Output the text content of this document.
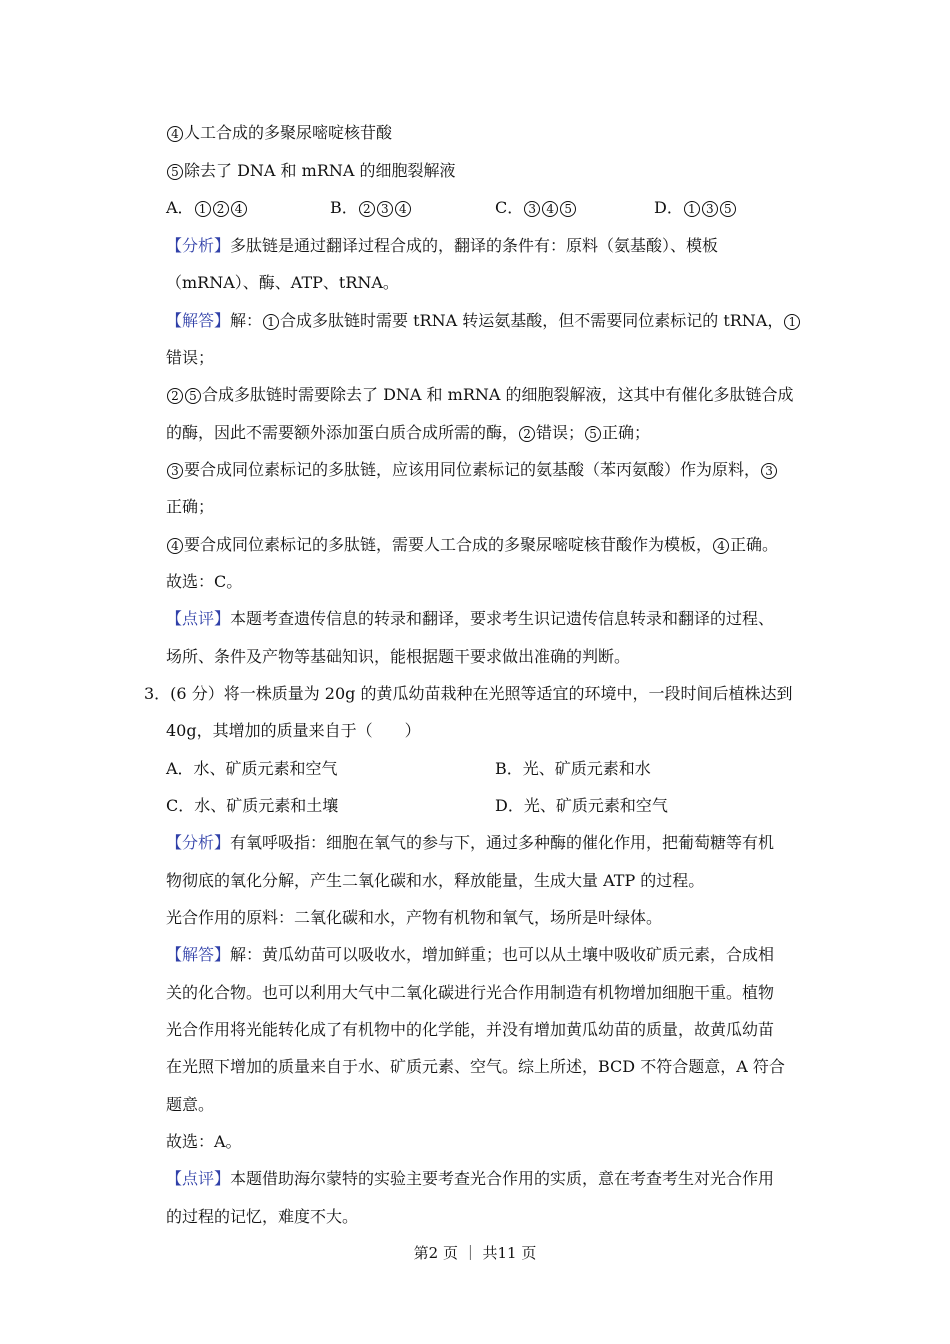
4 人工合成的多聚尿嘧啶核苷酸
5 除去了 DNA 和 mRNA 的细胞裂解液
A． 1 2 4	B． 2 3 4	C． 3 4 5	D． 1 3 5
【分析】多肽链是通过翻译过程合成的，翻译的条件有：原料（氨基酸）、模板
（mRNA）、酶、ATP、tRNA。
【解答】解： 1 合成多肽链时需要 tRNA 转运氨基酸，但不需要同位素标记的 tRNA， 1
错误；
2 5 合成多肽链时需要除去了 DNA 和 mRNA 的细胞裂解液，这其中有催化多肽链合成
的酶，因此不需要额外添加蛋白质合成所需的酶， 2 错误； 5 正确；
3 要合成同位素标记的多肽链，应该用同位素标记的氨基酸（苯丙氨酸）作为原料， 3
正确；
4 要合成同位素标记的多肽链，需要人工合成的多聚尿嘧啶核苷酸作为模板， 4 正确。
故选：C。
【点评】本题考查遗传信息的转录和翻译，要求考生识记遗传信息转录和翻译的过程、
场所、条件及产物等基础知识，能根据题干要求做出准确的判断。
3．(6 分）将一株质量为 20g 的黄瓜幼苗栽种在光照等适宜的环境中，一段时间后植株达到
40g，其增加的质量来自于（　　）
A．水、矿质元素和空气	B．光、矿质元素和水
C．水、矿质元素和土壤	D．光、矿质元素和空气
【分析】有氧呼吸指：细胞在氧气的参与下，通过多种酶的催化作用，把葡萄糖等有机
物彻底的氧化分解，产生二氧化碳和水，释放能量，生成大量 ATP 的过程。
光合作用的原料：二氧化碳和水，产物有机物和氧气，场所是叶绿体。
【解答】解：黄瓜幼苗可以吸收水，增加鲜重；也可以从土壤中吸收矿质元素，合成相
关的化合物。也可以利用大气中二氧化碳进行光合作用制造有机物增加细胞干重。植物
光合作用将光能转化成了有机物中的化学能，并没有增加黄瓜幼苗的质量，故黄瓜幼苗
在光照下增加的质量来自于水、矿质元素、空气。综上所述，BCD 不符合题意，A 符合
题意。
故选：A。
【点评】本题借助海尔蒙特的实验主要考查光合作用的实质，意在考查考生对光合作用
的过程的记忆，难度不大。
第2 页 ｜ 共11 页
